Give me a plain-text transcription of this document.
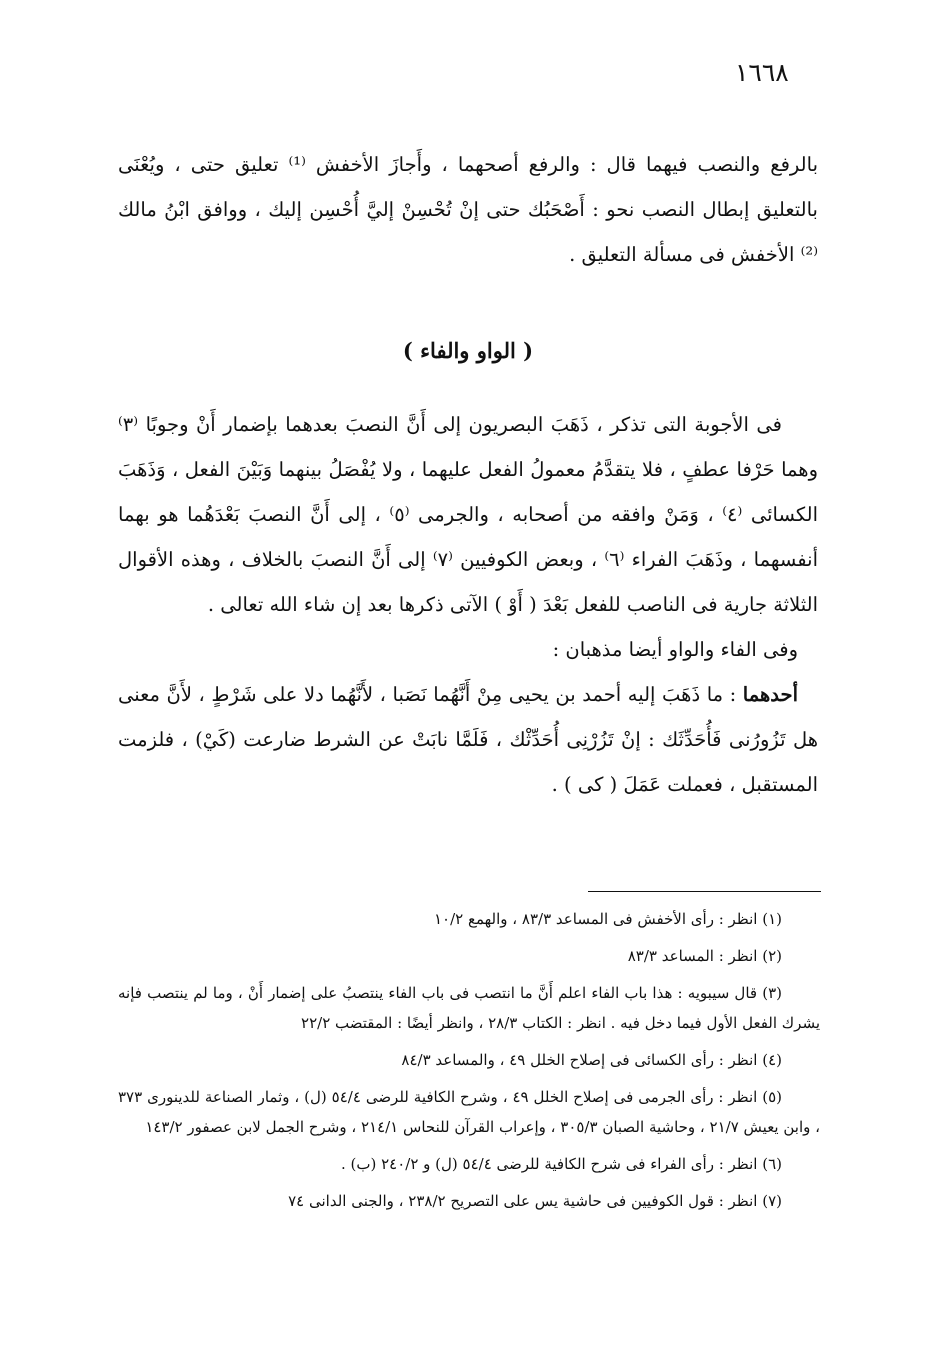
١٦٦٨

بالرفع والنصب فيهما قال : والرفع أصحهما ، وأَجازَ الأخفش ⁽¹⁾ تعليق حتى ، ويُعْنَى بالتعليق إبطال النصب نحو : أَصْحَبُك حتى إنْ تُحْسِنْ إليَّ أُحْسِن إليك ، ووافق ابْنُ مالك ⁽²⁾ الأخفش فى مسألة التعليق .

( الواو والفاء )

فى الأجوبة التى تذكر ، ذَهَبَ البصريون إلى أَنَّ النصبَ بعدهما بإضمار أَنْ وجوبًا ⁽٣⁾ وهما حَرْفا عطفٍ ، فلا يتقدَّمُ معمولُ الفعل عليهما ، ولا يُفْصَلُ بينهما وَبَيْنَ الفعل ، وَذَهَبَ الكسائى ⁽٤⁾ ، وَمَنْ وافقه من أصحابه ، والجرمى ⁽٥⁾ ، إلى أَنَّ النصبَ بَعْدَهُما هو بهما أنفسهما ، وذَهَبَ الفراء ⁽٦⁾ ، وبعض الكوفيين ⁽٧⁾ إلى أَنَّ النصبَ بالخلاف ، وهذه الأقوال الثلاثة جارية فى الناصب للفعل بَعْدَ ( أَوْ ) الآتى ذكرها بعد إن شاء الله تعالى .

وفى الفاء والواو أيضا مذهبان :

أحدهما : ما ذَهَبَ إليه أحمد بن يحيى مِنْ أَنَّهُما نَصَبا ، لأَنَّهُما دلا على شَرْطٍ ، لأَنَّ معنى هل تَزُورُنى فَأُحَدِّثَك : إنْ تَزُرْنِى أُحَدِّثْك ، فَلَمَّا نابَتْ عن الشرط ضارعت (كَيْ) ، فلزمت المستقبل ، فعملت عَمَلَ ( كى ) .

(١) انظر : رأى الأخفش فى المساعد ٨٣/٣ ، والهمع ١٠/٢

(٢) انظر : المساعد ٨٣/٣

(٣) قال سيبويه : هذا باب الفاء اعلم أَنَّ ما انتصب فى باب الفاء ينتصبُ على إضمار أَنْ ، وما لم ينتصب فإنه يشرك الفعل الأول فيما دخل فيه . انظر : الكتاب ٢٨/٣ ، وانظر أيضًا : المقتضب ٢٢/٢

(٤) انظر : رأى الكسائى فى إصلاح الخلل ٤٩ ، والمساعد ٨٤/٣

(٥) انظر : رأى الجرمى فى إصلاح الخلل ٤٩ ، وشرح الكافية للرضى ٥٤/٤ (ل) ، وثمار الصناعة للدينورى ٣٧٣ ، وابن يعيش ٢١/٧ ، وحاشية الصبان ٣٠٥/٣ ، وإعراب القرآن للنحاس ٢١٤/١ ، وشرح الجمل لابن عصفور ١٤٣/٢

(٦) انظر : رأى الفراء فى شرح الكافية للرضى ٥٤/٤ (ل) و ٢٤٠/٢ (ب) .

(٧) انظر : قول الكوفيين فى حاشية يس على التصريح ٢٣٨/٢ ، والجنى الدانى ٧٤
